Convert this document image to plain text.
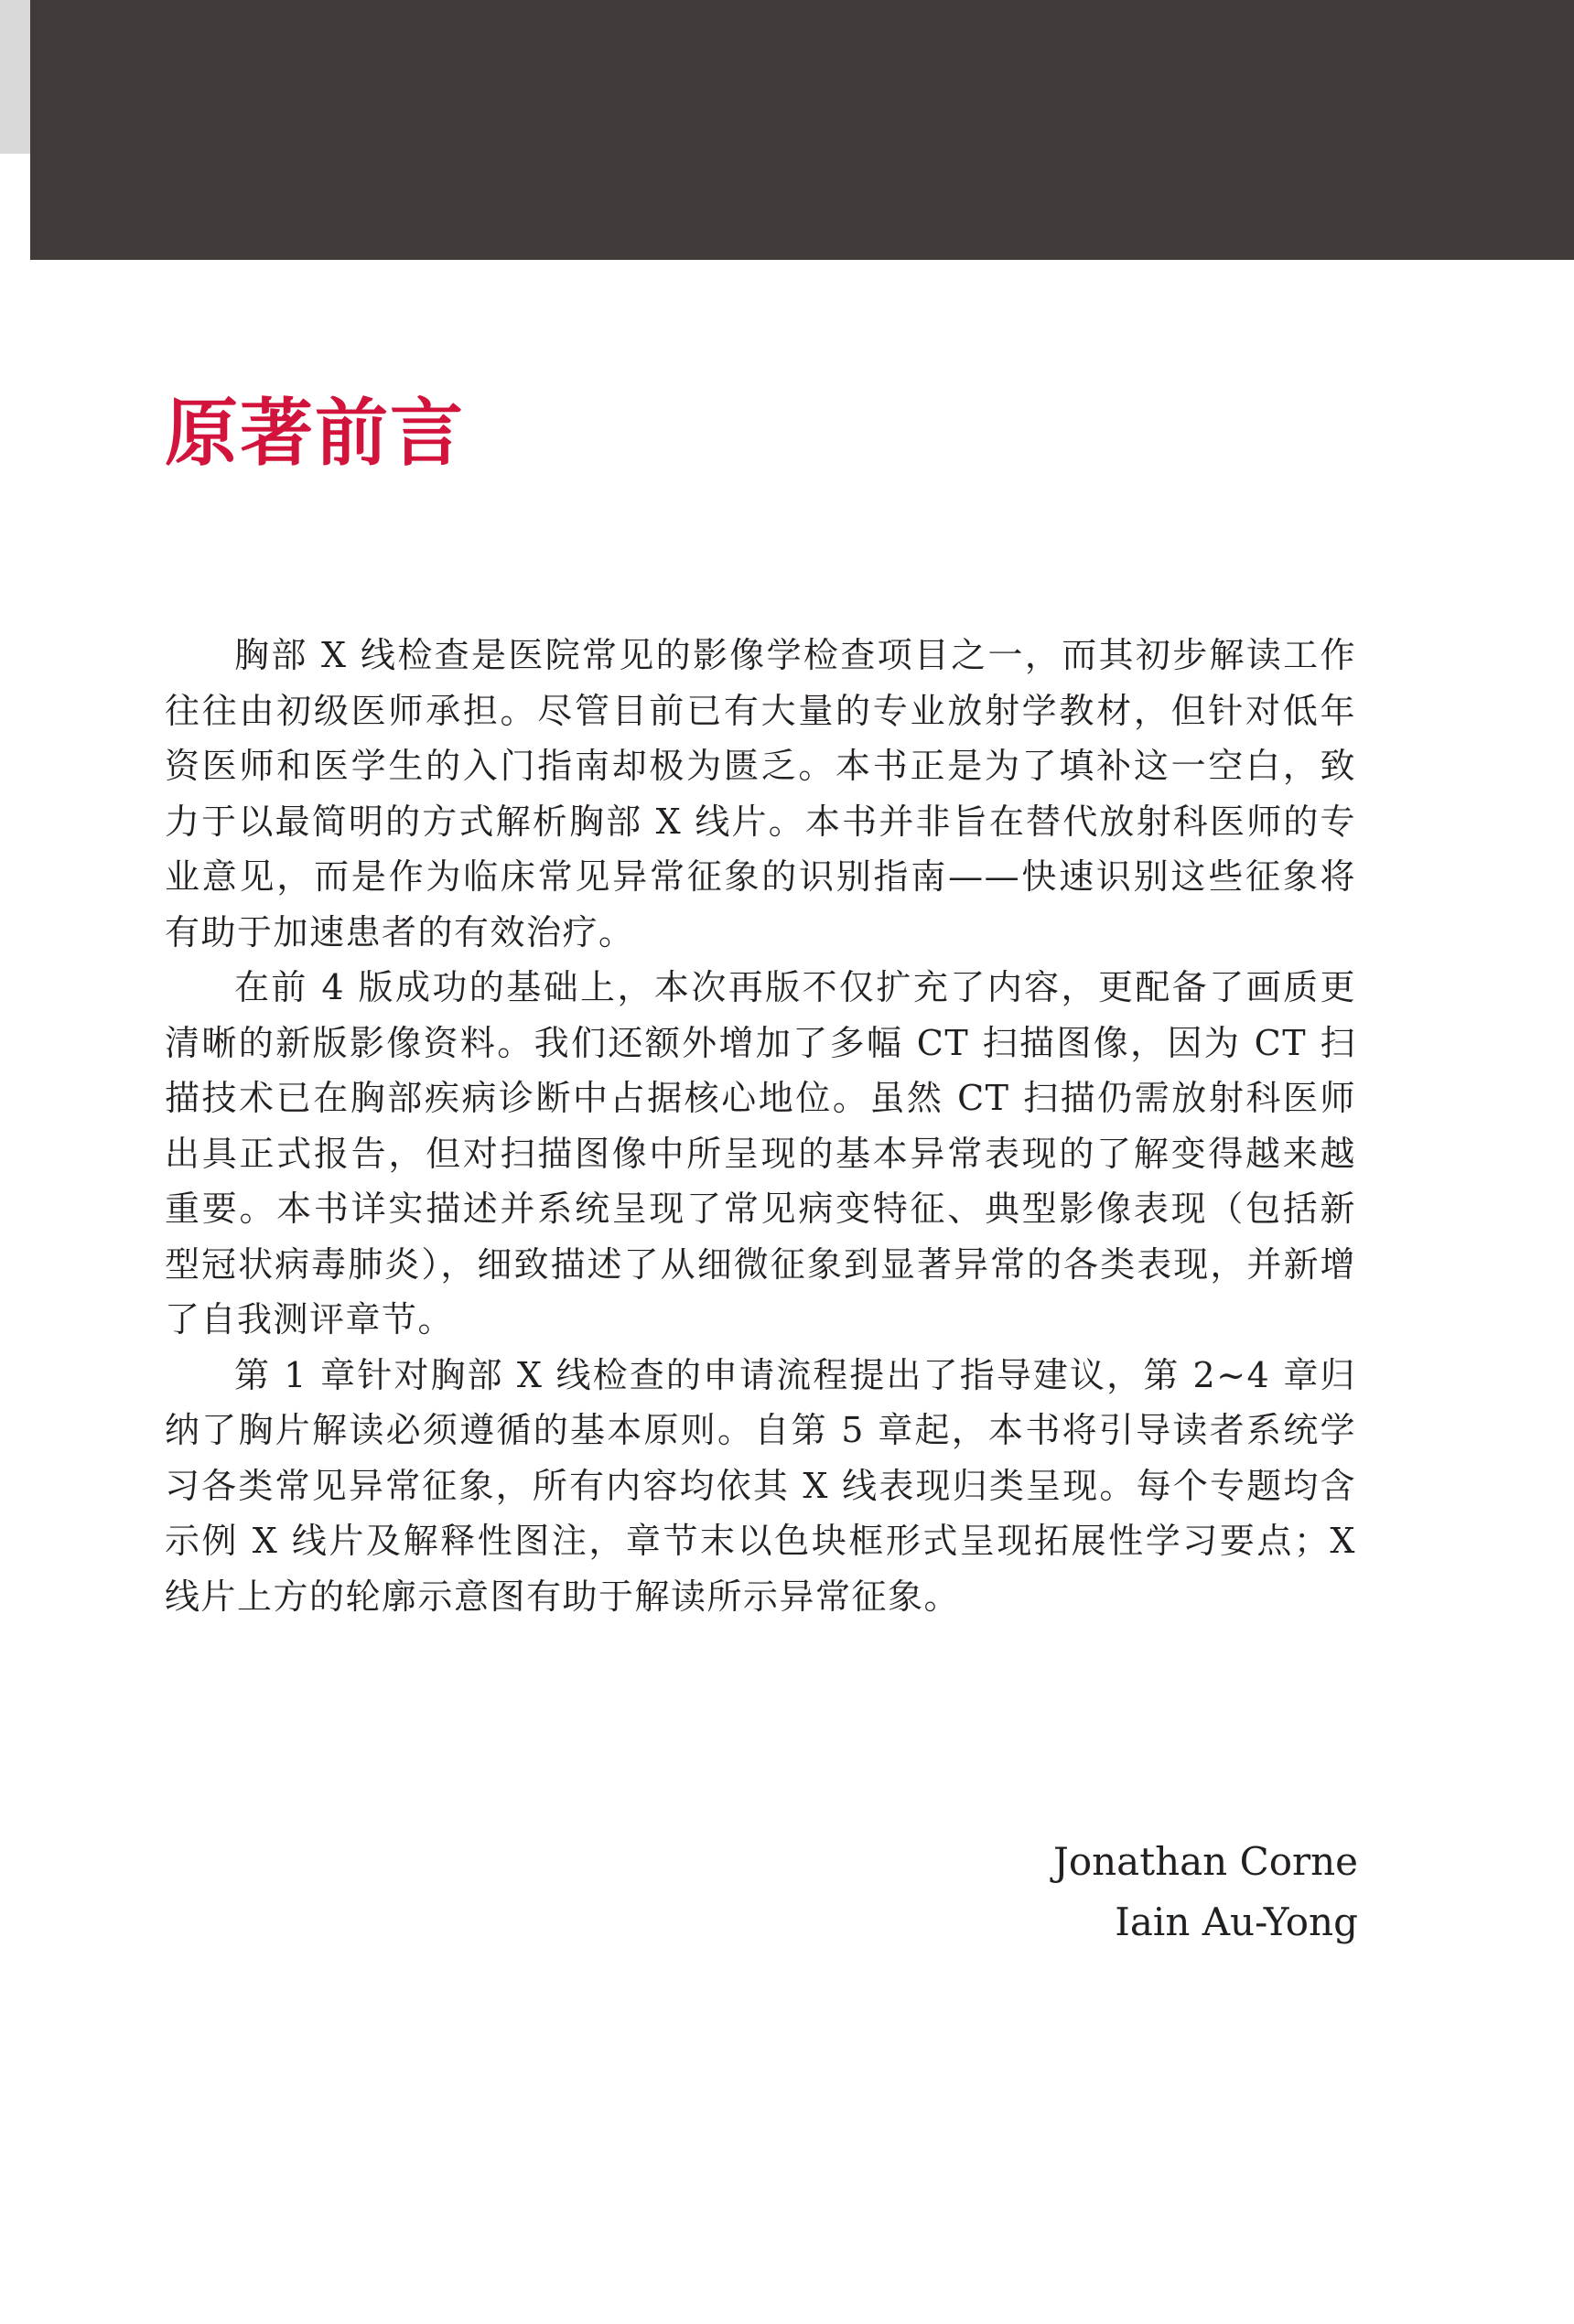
原著前言

胸部 X 线检查是医院常见的影像学检查项目之一，而其初步解读工作往往由初级医师承担。尽管目前已有大量的专业放射学教材，但针对低年资医师和医学生的入门指南却极为匮乏。本书正是为了填补这一空白，致力于以最简明的方式解析胸部 X 线片。本书并非旨在替代放射科医师的专业意见，而是作为临床常见异常征象的识别指南——快速识别这些征象将有助于加速患者的有效治疗。

在前 4 版成功的基础上，本次再版不仅扩充了内容，更配备了画质更清晰的新版影像资料。我们还额外增加了多幅 CT 扫描图像，因为 CT 扫描技术已在胸部疾病诊断中占据核心地位。虽然 CT 扫描仍需放射科医师出具正式报告，但对扫描图像中所呈现的基本异常表现的了解变得越来越重要。本书详实描述并系统呈现了常见病变特征、典型影像表现（包括新型冠状病毒肺炎），细致描述了从细微征象到显著异常的各类表现，并新增了自我测评章节。

第 1 章针对胸部 X 线检查的申请流程提出了指导建议，第 2~4 章归纳了胸片解读必须遵循的基本原则。自第 5 章起，本书将引导读者系统学习各类常见异常征象，所有内容均依其 X 线表现归类呈现。每个专题均含示例 X 线片及解释性图注，章节末以色块框形式呈现拓展性学习要点；X 线片上方的轮廓示意图有助于解读所示异常征象。

Jonathan Corne
Iain Au-Yong
